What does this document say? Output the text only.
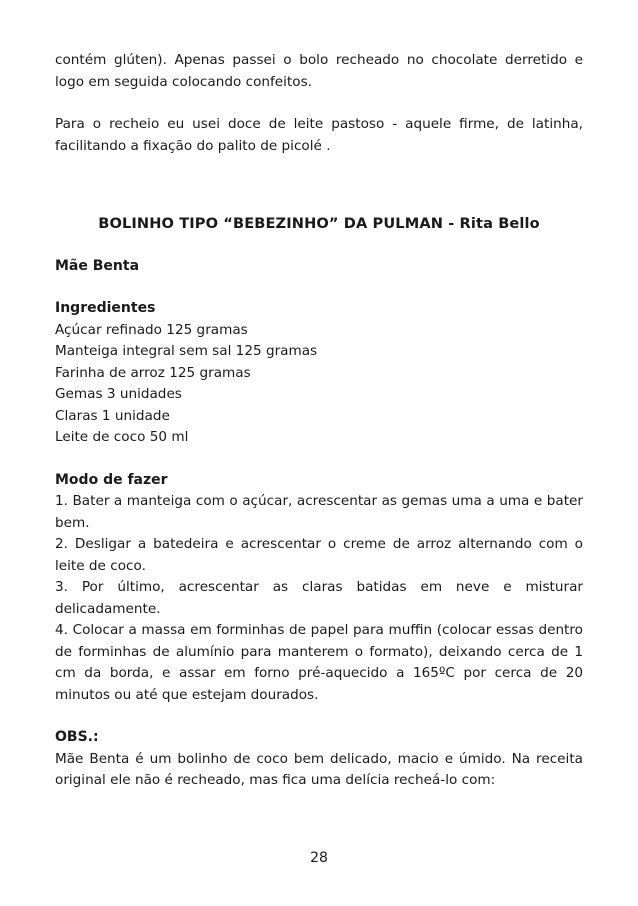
contém glúten). Apenas passei o bolo recheado no chocolate derretido e logo em seguida colocando confeitos.

Para o recheio eu usei doce de leite pastoso - aquele firme, de latinha, facilitando a fixação do palito de picolé .

BOLINHO TIPO “BEBEZINHO” DA PULMAN - Rita Bello

Mãe Benta

Ingredientes

Açúcar refinado 125 gramas

Manteiga integral sem sal 125 gramas

Farinha de arroz 125 gramas

Gemas 3 unidades

Claras 1 unidade

Leite de coco 50 ml

Modo de fazer

1. Bater a manteiga com o açúcar, acrescentar as gemas uma a uma e bater bem.

2. Desligar a batedeira e acrescentar o creme de arroz alternando com o leite de coco.

3. Por último, acrescentar as claras batidas em neve e misturar delicadamente.

4. Colocar a massa em forminhas de papel para muffin (colocar essas dentro de forminhas de alumínio para manterem o formato), deixando cerca de 1 cm da borda, e assar em forno pré-aquecido a 165ºC por cerca de 20 minutos ou até que estejam dourados.

OBS.:

Mãe Benta é um bolinho de coco bem delicado, macio e úmido. Na receita original ele não é recheado, mas fica uma delícia recheá-lo com:

28
